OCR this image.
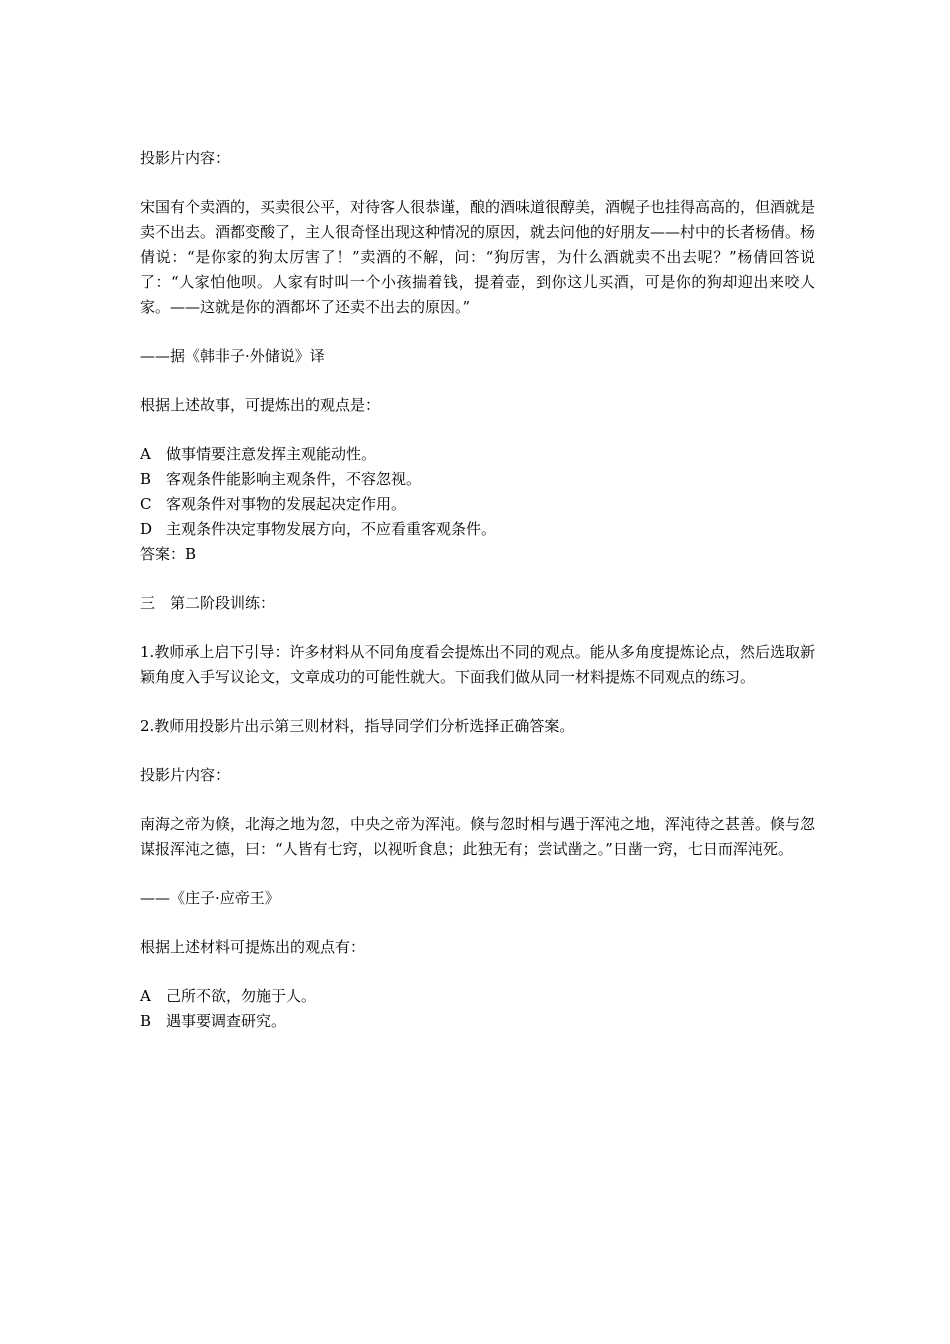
投影片内容：

宋国有个卖酒的，买卖很公平，对待客人很恭谨，酿的酒味道很醇美，酒幌子也挂得高高的，但酒就是卖不出去。酒都变酸了，主人很奇怪出现这种情况的原因，就去问他的好朋友——村中的长者杨倩。杨倩说：“是你家的狗太厉害了！”卖酒的不解，问：“狗厉害，为什么酒就卖不出去呢？”杨倩回答说了：“人家怕他呗。人家有时叫一个小孩揣着钱，提着壶，到你这儿买酒，可是你的狗却迎出来咬人家。——这就是你的酒都坏了还卖不出去的原因。”

——据《韩非子·外储说》译

根据上述故事，可提炼出的观点是：

A 做事情要注意发挥主观能动性。

B 客观条件能影响主观条件，不容忽视。

C 客观条件对事物的发展起决定作用。

D 主观条件决定事物发展方向，不应看重客观条件。

答案：B

三　第二阶段训练：

1.教师承上启下引导：许多材料从不同角度看会提炼出不同的观点。能从多角度提炼论点，然后选取新颖角度入手写议论文，文章成功的可能性就大。下面我们做从同一材料提炼不同观点的练习。

2.教师用投影片出示第三则材料，指导同学们分析选择正确答案。

投影片内容：

南海之帝为倏，北海之地为忽，中央之帝为浑沌。倏与忽时相与遇于浑沌之地，浑沌待之甚善。倏与忽谋报浑沌之德，曰：“人皆有七窍，以视听食息；此独无有；尝试凿之。”日凿一窍，七日而浑沌死。

——《庄子·应帝王》

根据上述材料可提炼出的观点有：

A 己所不欲，勿施于人。

B 遇事要调查研究。
